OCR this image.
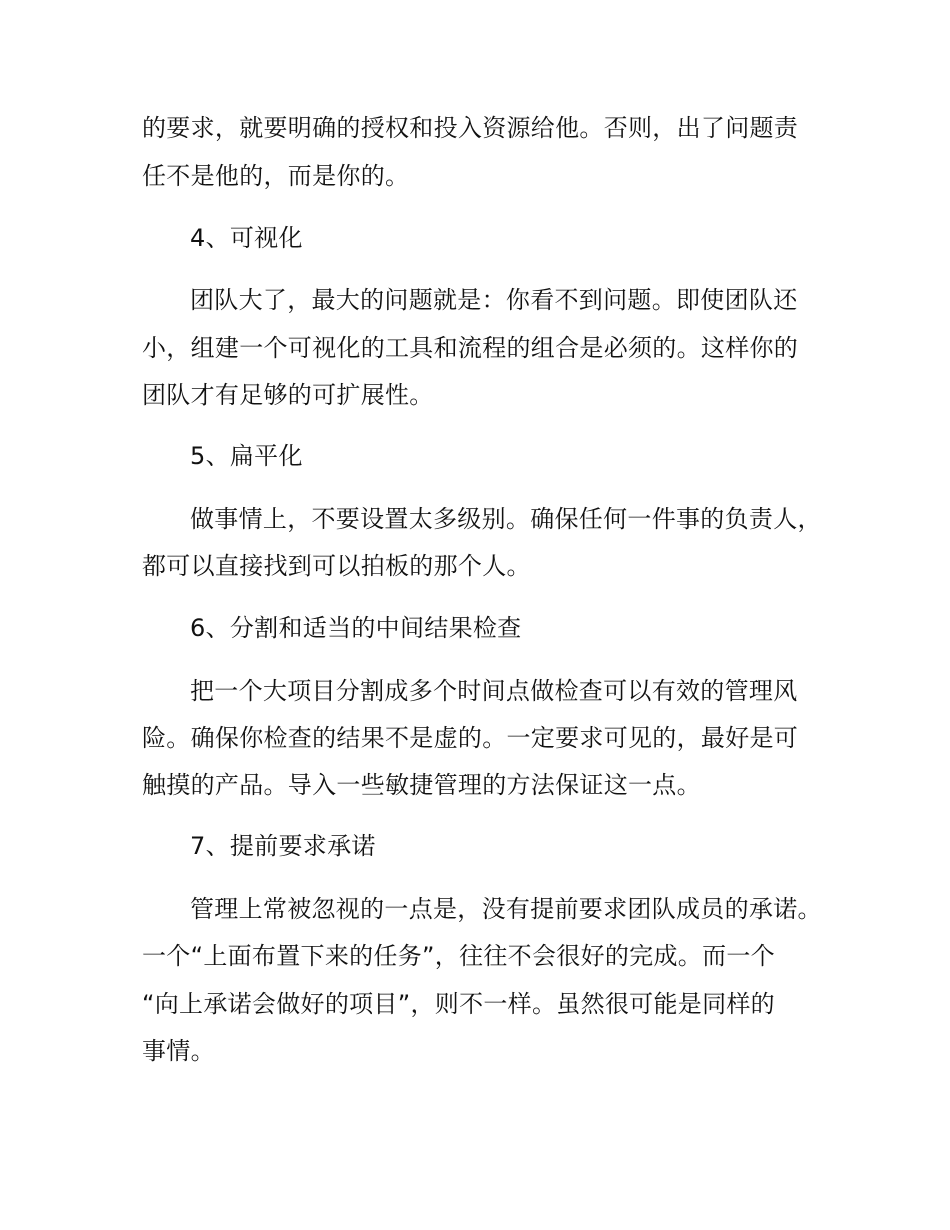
的要求，就要明确的授权和投入资源给他。否则，出了问题责
任不是他的，而是你的。
4、可视化
团队大了，最大的问题就是：你看不到问题。即使团队还
小，组建一个可视化的工具和流程的组合是必须的。这样你的
团队才有足够的可扩展性。
5、扁平化
做事情上，不要设置太多级别。确保任何一件事的负责人，
都可以直接找到可以拍板的那个人。
6、分割和适当的中间结果检查
把一个大项目分割成多个时间点做检查可以有效的管理风
险。确保你检查的结果不是虚的。一定要求可见的，最好是可
触摸的产品。导入一些敏捷管理的方法保证这一点。
7、提前要求承诺
管理上常被忽视的一点是，没有提前要求团队成员的承诺。
一个“上面布置下来的任务”，往往不会很好的完成。而一个
“向上承诺会做好的项目”，则不一样。虽然很可能是同样的
事情。
